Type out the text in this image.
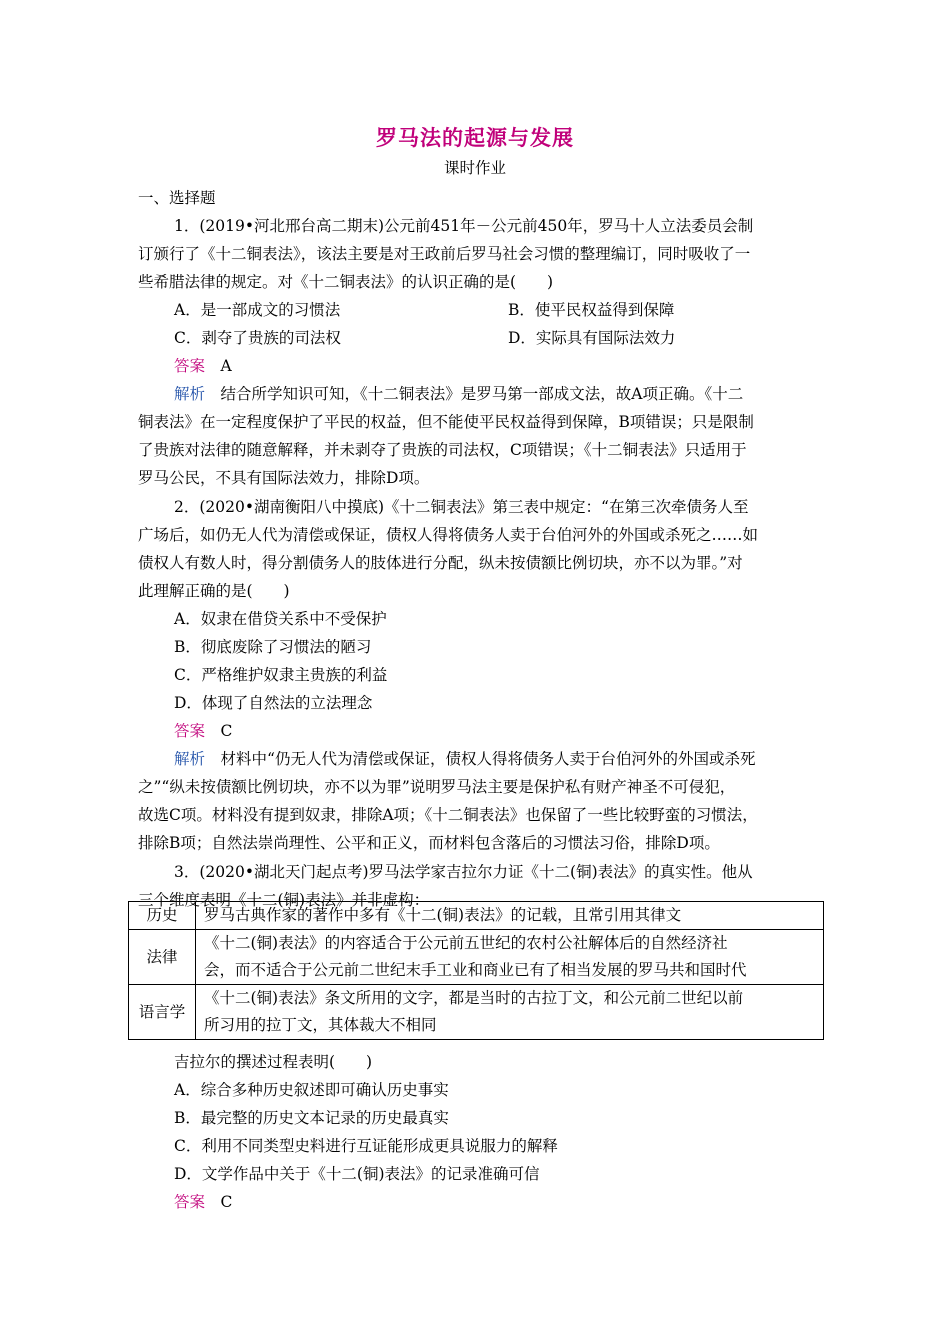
罗马法的起源与发展
课时作业
一、选择题
1．(2019•河北邢台高二期末)公元前451年－公元前450年，罗马十人立法委员会制
订颁行了《十二铜表法》，该法主要是对王政前后罗马社会习惯的整理编订，同时吸收了一
些希腊法律的规定。对《十二铜表法》的认识正确的是(　　)
A．是一部成文的习惯法	B．使平民权益得到保障
C．剥夺了贵族的司法权	D．实际具有国际法效力
答案　 A
解析　 结合所学知识可知，《十二铜表法》是罗马第一部成文法，故A项正确。《十二
铜表法》在一定程度保护了平民的权益，但不能使平民权益得到保障，B项错误；只是限制
了贵族对法律的随意解释，并未剥夺了贵族的司法权，C项错误；《十二铜表法》只适用于
罗马公民，不具有国际法效力，排除D项。
2．(2020•湖南衡阳八中摸底)《十二铜表法》第三表中规定：“在第三次牵债务人至
广场后，如仍无人代为清偿或保证，债权人得将债务人卖于台伯河外的外国或杀死之……如
债权人有数人时，得分割债务人的肢体进行分配，纵未按债额比例切块，亦不以为罪。”对
此理解正确的是(　　)
A．奴隶在借贷关系中不受保护
B．彻底废除了习惯法的陋习
C．严格维护奴隶主贵族的利益
D．体现了自然法的立法理念
答案　 C
解析　 材料中“仍无人代为清偿或保证，债权人得将债务人卖于台伯河外的外国或杀死
之”“纵未按债额比例切块，亦不以为罪”说明罗马法主要是保护私有财产神圣不可侵犯，
故选C项。材料没有提到奴隶，排除A项；《十二铜表法》也保留了一些比较野蛮的习惯法，
排除B项；自然法崇尚理性、公平和正义，而材料包含落后的习惯法习俗，排除D项。
3．(2020•湖北天门起点考)罗马法学家吉拉尔力证《十二(铜)表法》的真实性。他从
三个维度表明《十二(铜)表法》并非虚构：
历史	罗马古典作家的著作中多有《十二(铜)表法》的记载，且常引用其律文

法律	《十二(铜)表法》的内容适合于公元前五世纪的农村公社解体后的自然经济社
会，而不适合于公元前二世纪末手工业和商业已有了相当发展的罗马共和国时代

语言学	《十二(铜)表法》条文所用的文字，都是当时的古拉丁文，和公元前二世纪以前
所习用的拉丁文，其体裁大不相同
吉拉尔的撰述过程表明(　　)
A．综合多种历史叙述即可确认历史事实
B．最完整的历史文本记录的历史最真实
C．利用不同类型史料进行互证能形成更具说服力的解释
D．文学作品中关于《十二(铜)表法》的记录准确可信
答案　 C
